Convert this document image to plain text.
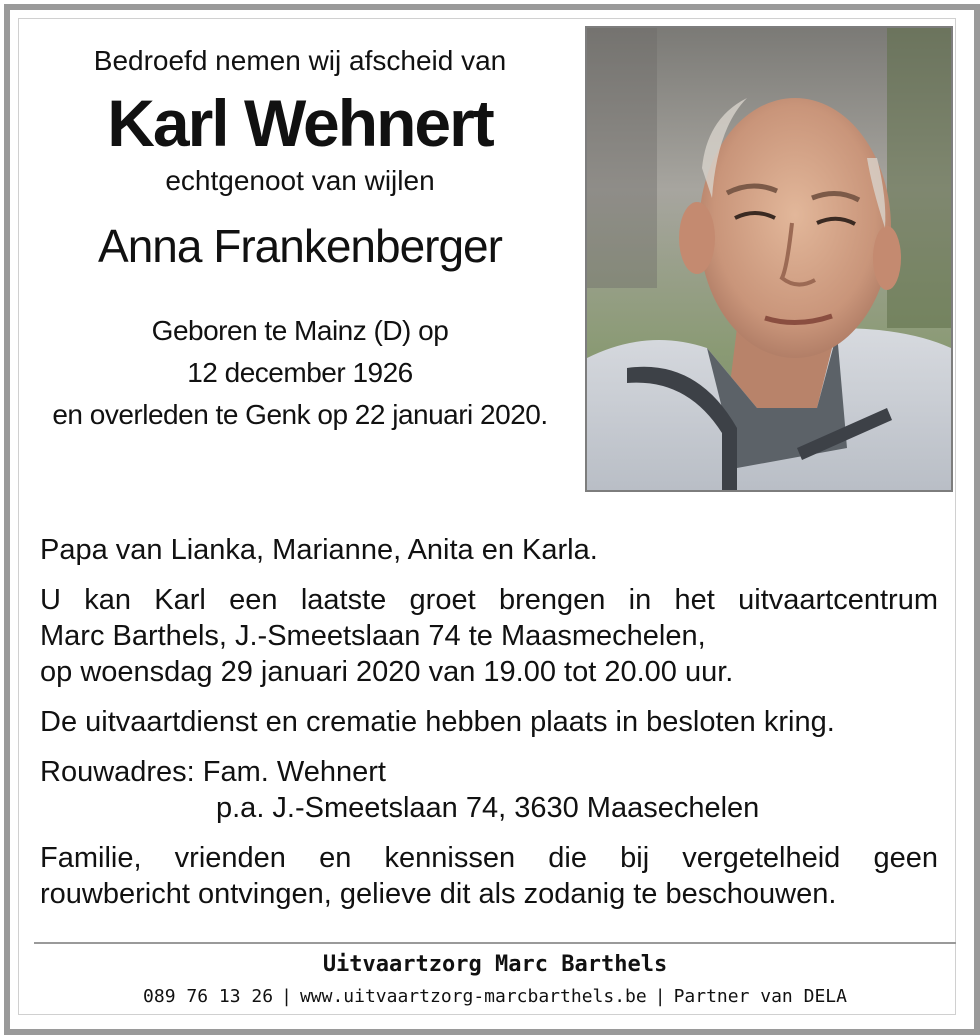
Bedroefd nemen wij afscheid van
Karl Wehnert
echtgenoot van wijlen
Anna Frankenberger
Geboren te Mainz (D) op
12 december 1926
en overleden te Genk op 22 januari 2020.

Papa van Lianka, Marianne, Anita en Karla.

U kan Karl een laatste groet brengen in het uitvaartcentrum
Marc Barthels, J.-Smeetslaan 74 te Maasmechelen,
op woensdag 29 januari 2020 van 19.00 tot 20.00 uur.

De uitvaartdienst en crematie hebben plaats in besloten kring.

Rouwadres: Fam. Wehnert
p.a. J.-Smeetslaan 74, 3630 Maasechelen

Familie, vrienden en kennissen die bij vergetelheid geen
rouwbericht ontvingen, gelieve dit als zodanig te beschouwen.

Uitvaartzorg Marc Barthels
089 76 13 26 | www.uitvaartzorg-marcbarthels.be | Partner van DELA
